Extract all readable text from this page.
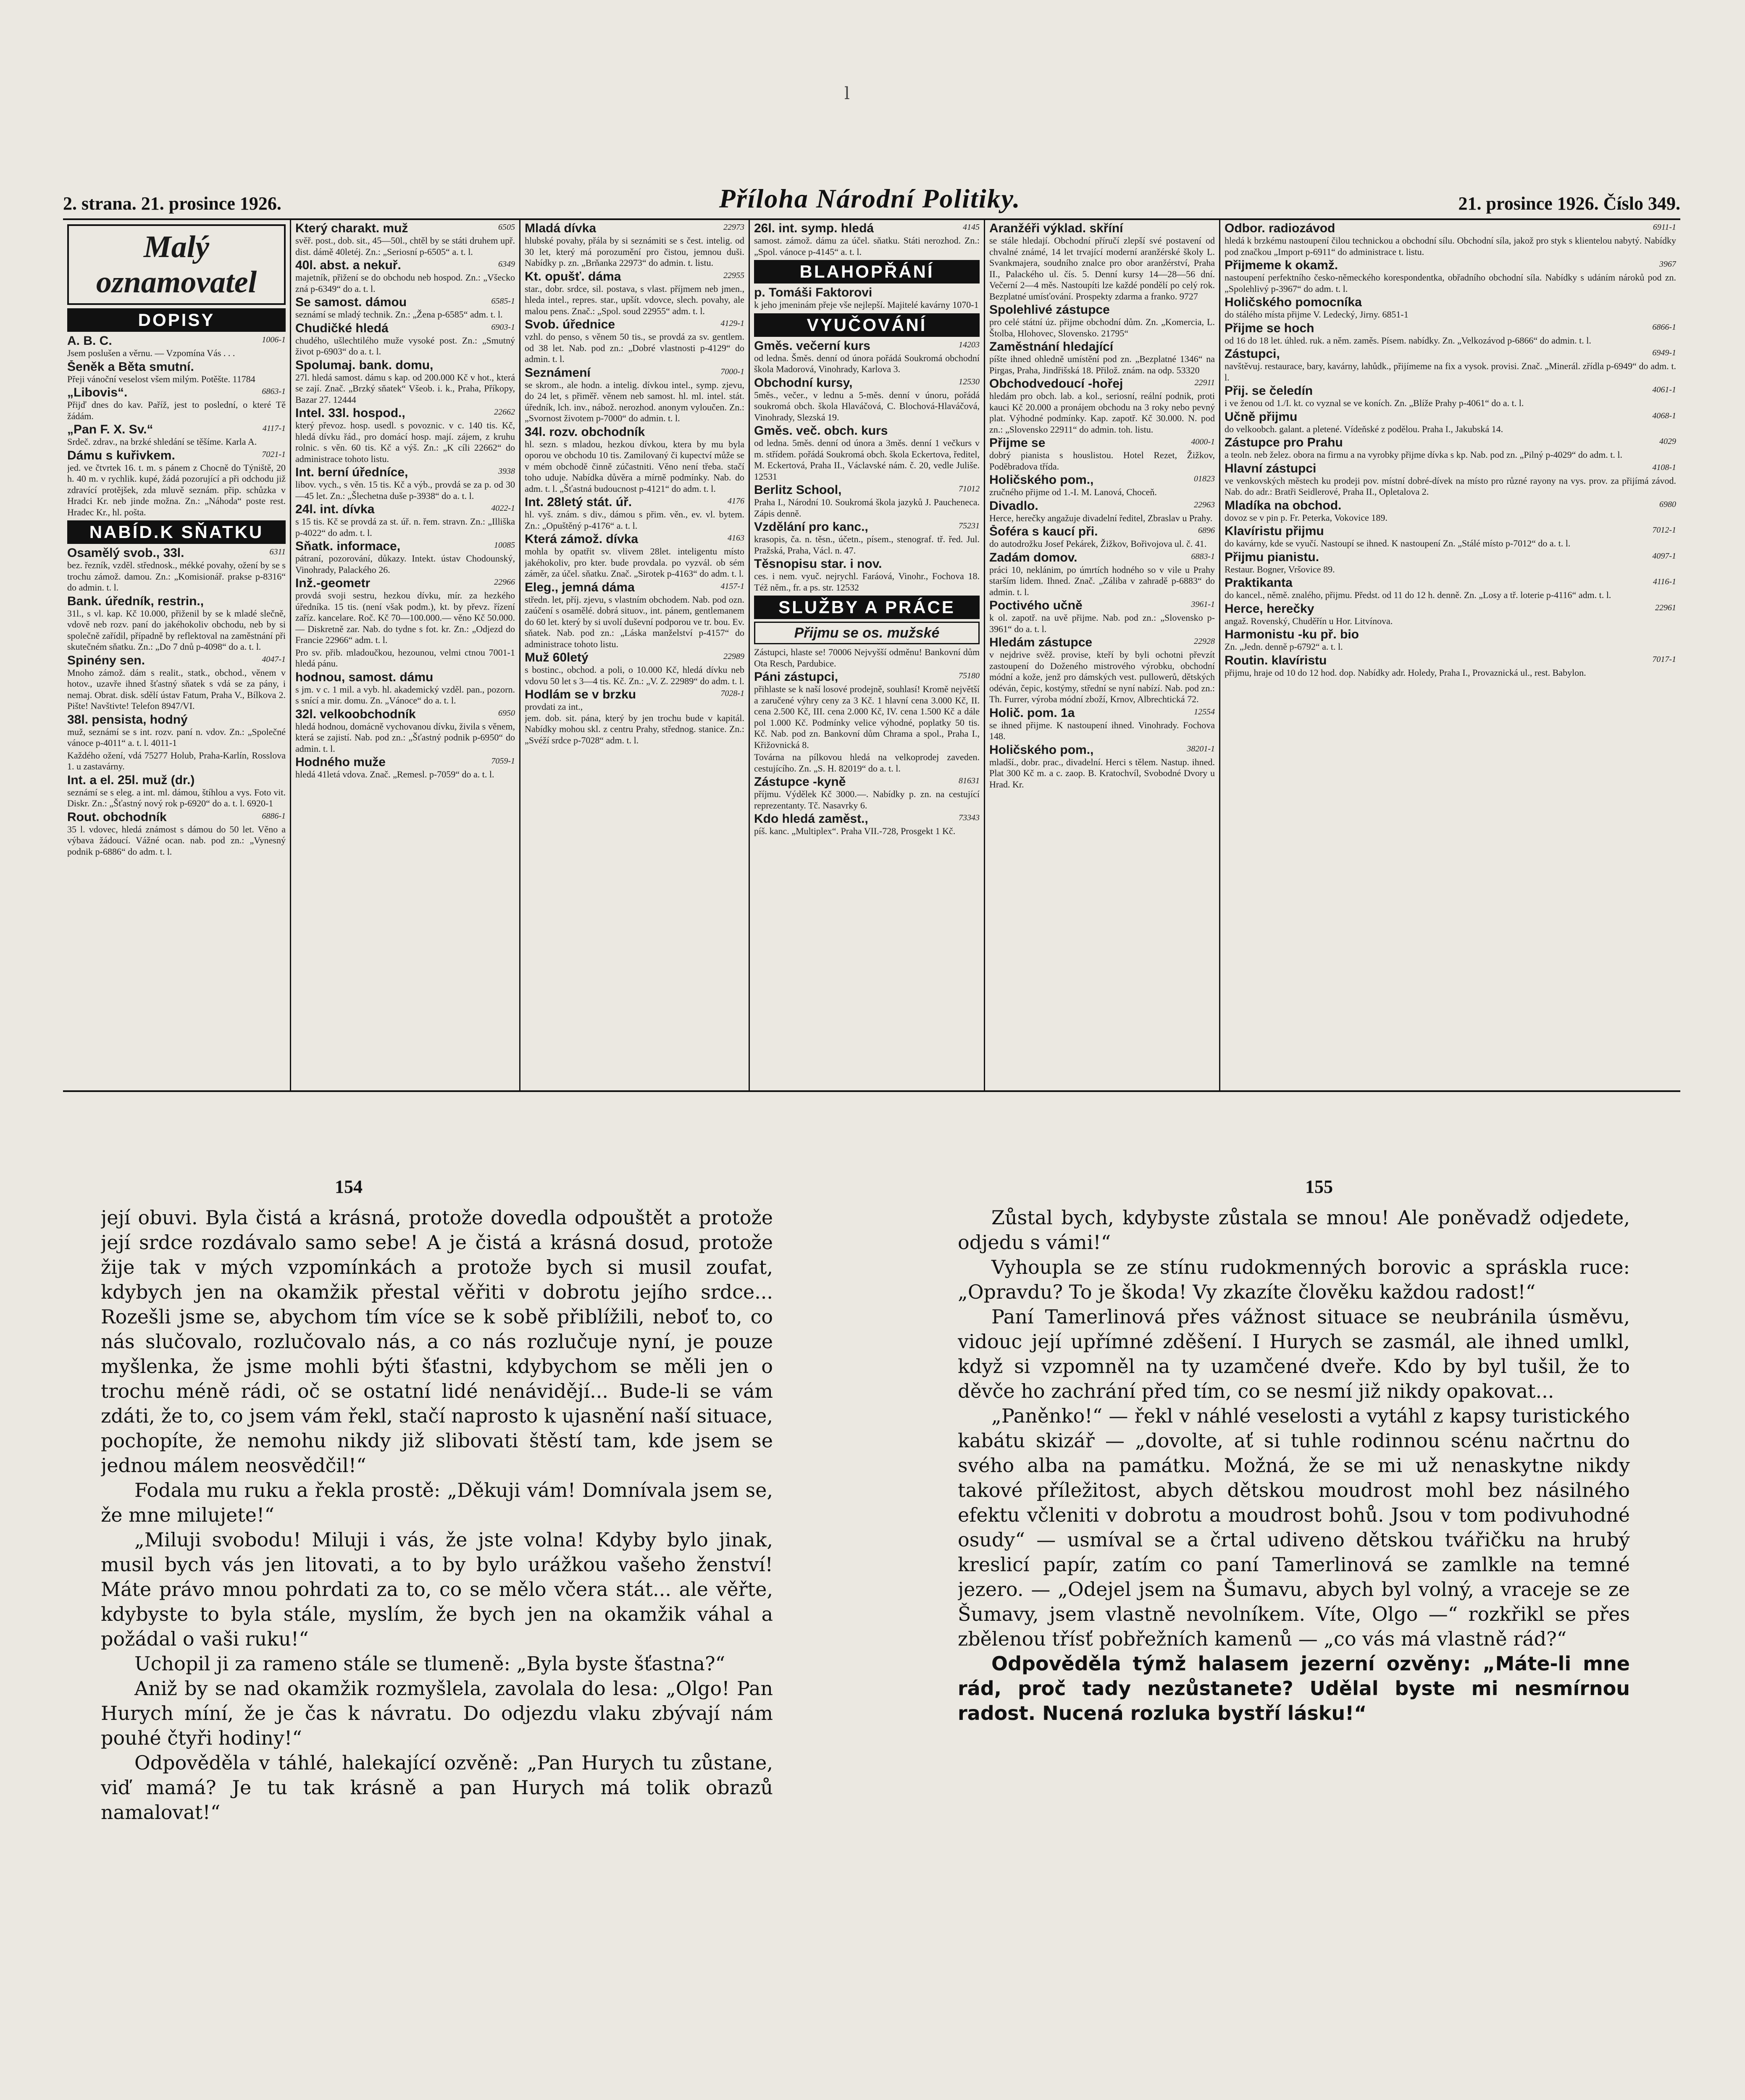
l
2. strana. 21. prosince 1926.	Příloha Národní Politiky.	21. prosince 1926. Číslo 349.
Malý oznamovatel
DOPISY
1006-1
A. B. C.
Jsem poslušen a věrnu. — Vzpomína Vás . . .
Šeněk a Běta smutní.
Přeji vánoční veselost všem milým. Potěšte. 11784
6863-1
„Libovis“.
Přijď dnes do kav. Paříž, jest to poslední, o které Tě žádám.
4117-1
„Pan F. X. Sv.“
Srdeč. zdrav., na brzké shledání se těšíme. Karla A.
7021-1
Dámu s kuřivkem.
jed. ve čtvrtek 16. t. m. s pánem z Chocně do Týniště, 20 h. 40 m. v rychlik. kupé, žádá pozorující a při odchodu již zdravící protějšek, zda mluvě seznám. přip. schůzka v Hradci Kr. neb jinde možna. Zn.: „Náhoda“ poste rest. Hradec Kr., hl. pošta.
NABÍD.K SŇATKU
6311
Osamělý svob., 33l.
bez. řezník, vzděl. střednosk., mékké povahy, ožení by se s trochu zámož. damou. Zn.: „Komisionář. prakse p-8316“ do admin. t. l.
Bank. úředník, restrin.,
31l., s vl. kap. Kč 10.000, přiženil by se k mladé slečně, vdově neb rozv. paní do jakéhokoliv obchodu, neb by si společně zařídil, případně by reflektoval na zaměstnání při skutečném sňatku. Zn.: „Do 7 dnů p-4098“ do a. t. l.
4047-1
Spinény sen.
Mnoho zámož. dám s realit., statk., obchod., věnem v hotov., uzavře ihned šťastný sňatek s vdá se za pány, i nemaj. Obrat. disk. sdělí ústav Fatum, Praha V., Bílkova 2. Pište! Navštivte! Telefon 8947/VI.
38l. pensista, hodný
muž, seznámí se s int. rozv. paní n. vdov. Zn.: „Společné vánoce p-4011“ a. t. l. 4011-1
Každého ožení, vdá 75277 Holub, Praha-Karlín, Rosslova 1. u zastavárny.
Int. a el. 25l. muž (dr.)
seznámí se s eleg. a int. ml. dámou, štíhlou a vys. Foto vit. Diskr. Zn.: „Šťastný nový rok p-6920“ do a. t. l. 6920-1
6886-1
Rout. obchodník
35 l. vdovec, hledá známost s dámou do 50 let. Věno a výbava žádoucí. Vážné ocan. nab. pod zn.: „Vynesný podnik p-6886“ do adm. t. l.
6505
Který charakt. muž
svěř. post., dob. sit., 45—50l., chtěl by se státi druhem upř. dist. dámě 40letéj. Zn.: „Seriosní p-6505“ a. t. l.
6349
40l. abst. a nekuř.
majetník, přižení se do obchodu neb hospod. Zn.: „Všecko zná p-6349“ do a. t. l.
6585-1
Se samost. dámou
seznámí se mladý technik. Zn.: „Žena p-6585“ adm. t. l.
6903-1
Chudičké hledá
chudého, ušlechtilého muže vysoké post. Zn.: „Smutný život p-6903“ do a. t. l.
Spolumaj. bank. domu,
27l. hledá samost. dámu s kap. od 200.000 Kč v hot., která se zají. Znač. „Brzký sňatek“ Všeob. i. k., Praha, Příkopy, Bazar 27. 12444
22662
Intel. 33l. hospod.,
který převoz. hosp. usedl. s povoznic. v c. 140 tis. Kč, hledá dívku řád., pro domácí hosp. mají. zájem, z kruhu rolnic. s věn. 60 tis. Kč a výš. Zn.: „K cíli 22662“ do administrace tohoto listu.
3938
Int. berní úředníce,
libov. vych., s věn. 15 tis. Kč a výb., provdá se za p. od 30—45 let. Zn.: „Šlechetna duše p-3938“ do a. t. l.
4022-1
24l. int. dívka
s 15 tis. Kč se provdá za st. úř. n. řem. stravn. Zn.: „Illiška p-4022“ do adm. t. l.
10085
Sňatk. informace,
pátraní, pozorování, důkazy. Intekt. ústav Chodounský, Vinohrady, Palackého 26.
22966
Inž.-geometr
provdá svoji sestru, hezkou dívku, mír. za hezkého úředníka. 15 tis. (není však podm.), kt. by převz. řízení zaříz. kancelare. Roč. Kč 70—100.000.— věno Kč 50.000.— Diskretně zar. Nab. do tydne s fot. kr. Zn.: „Odjezd do Francie 22966“ adm. t. l.
Pro sv. přib. mladoučkou, hezounou, velmi ctnou 7001-1 hledá pánu.
hodnou, samost. dámu
s jm. v c. 1 mil. a vyb. hl. akademický vzděl. pan., pozorn. s snící a mir. domu. Zn. „Vánoce“ do a. t. l.
6950
32l. velkoobchodník
hledá hodnou, domácně vychovanou dívku, živila s věnem, která se zajistí. Nab. pod zn.: „Šťastný podnik p-6950“ do admin. t. l.
7059-1
Hodného muže
hledá 41letá vdova. Znač. „Remesl. p-7059“ do a. t. l.
22973
Mladá dívka
hlubské povahy, přála by si seznámiti se s čest. intelig. od 30 let, který má porozumění pro čistou, jemnou duši. Nabídky p. zn. „Brňanka 22973“ do admin. t. listu.
22955
Kt. opušť. dáma
star., dobr. srdce, sil. postava, s vlast. příjmem neb jmen., hleda intel., repres. star., upšít. vdovce, slech. povahy, ale malou pens. Znač.: „Spol. soud 22955“ adm. t. l.
4129-1
Svob. úřednice
vzhl. do penso, s věnem 50 tis., se provdá za sv. gentlem. od 38 let. Nab. pod zn.: „Dobré vlastnosti p-4129“ do admin. t. l.
7000-1
Seznámení
se skrom., ale hodn. a intelig. dívkou intel., symp. zjevu, do 24 let, s přiměř. věnem neb samost. hl. ml. intel. stát. úředník, lch. inv., nábož. nerozhod. anonym vyloučen. Zn.: „Svornost životem p-7000“ do admin. t. l.
34l. rozv. obchodník
hl. sezn. s mladou, hezkou dívkou, ktera by mu byla oporou ve obchodu 10 tis. Zamilovaný či kupectví může se v mém obchodě činně zúčastniti. Věno není třeba. stačí toho uduje. Nabídka důvěra a mírně podmínky. Nab. do adm. t. l. „Šťastná budoucnost p-4121“ do adm. t. l.
4176
Int. 28letý stát. úř.
hl. vyš. znám. s div., dámou s přim. věn., ev. vl. bytem. Zn.: „Opuštěný p-4176“ a. t. l.
4163
Která zámož. dívka
mohla by opatřit sv. vlivem 28let. inteligentu místo jakéhokoliv, pro kter. bude provdala. po vyzvál. ob sém záměr, za účel. sňatku. Znač. „Sirotek p-4163“ do adm. t. l.
4157-1
Eleg., jemná dáma
středn. let, příj. zjevu, s vlastním obchodem. Nab. pod ozn. zaúčení s osamělé. dobrá situov., int. pánem, gentlemanem do 60 let. který by si uvolí duševní podporou ve tr. bou. Ev. sňatek. Nab. pod zn.: „Láska manželství p-4157“ do administrace tohoto listu.
22989
Muž 60letý
s bostinc., obchod. a poli, o 10.000 Kč, hledá dívku neb vdovu 50 let s 3—4 tis. Kč. Zn.: „V. Z. 22989“ do adm. t. l.
7028-1
Hodlám se v brzku
provdati za int.,
jem. dob. sit. pána, který by jen trochu bude v kapitál. Nabídky mohou skl. z centru Prahy, střednog. stanice. Zn.: „Svéží srdce p-7028“ adm. t. l.
4145
26l. int. symp. hledá
samost. zámož. dámu za účel. sňatku. Státi nerozhod. Zn.: „Spol. vánoce p-4145“ a. t. l.
BLAHOPŘÁNÍ
p. Tomáši Faktorovi
k jeho jmeninám přeje vše nejlepší. Majitelé kavárny 1070-1
VYUČOVÁNÍ
14203
Gměs. večerní kurs
od ledna. Šměs. denní od února pořádá Soukromá obchodní škola Madorová, Vinohrady, Karlova 3.
12530
Obchodní kursy,
5měs., večer., v lednu a 5-měs. denní v únoru, pořádá soukromá obch. škola Hlaváčová, C. Blochová-Hlaváčová, Vinohrady, Slezská 19.
Gměs. več. obch. kurs
od ledna. 5měs. denní od února a 3měs. denní 1 večkurs v m. střídem. pořádá Soukromá obch. škola Eckertova, ředitel, M. Eckertová, Praha II., Václavské nám. č. 20, vedle Juliše. 12531
71012
Berlitz School,
Praha I., Národní 10. Soukromá škola jazyků J. Paucheneca. Zápis denně.
75231
Vzdělání pro kanc.,
krasopis, ča. n. těsn., účetn., písem., stenograf. tř. řed. Jul. Pražská, Praha, Václ. n. 47.
Těsnopisu star. i nov.
ces. i nem. vyuč. nejrychl. Faráová, Vinohr., Fochova 18. Též něm., fr. a ps. str. 12532
SLUŽBY A PRÁCE
Přijmu se os. mužské
Zástupci, hlaste se! 70006 Nejvyšší odměnu! Bankovní dům Ota Resch, Pardubice.
75180
Páni zástupci,
přihlaste se k naší losové prodejně, souhlasí! Kromě největší a zaručené výhry ceny za 3 Kč. 1 hlavní cena 3.000 Kč, II. cena 2.500 Kč, III. cena 2.000 Kč, IV. cena 1.500 Kč a dále pol 1.000 Kč. Podmínky velice výhodné, poplatky 50 tis. Kč. Nab. pod zn. Bankovní dům Chrama a spol., Praha I., Křižovnická 8.
Továrna na pílkovou hledá na velkoprodej zaveden. cestujícího. Zn. „S. H. 82019“ do a. t. l.
81631
Zástupce -kyně
příjmu. Výdělek Kč 3000.—. Nabídky p. zn. na cestující reprezentanty. Tč. Nasavrky 6.
73343
Kdo hledá zaměst.,
píš. kanc. „Multiplex“. Praha VII.-728, Prosgekt 1 Kč.
Aranžéři výklad. skříní
se stále hledají. Obchodní příručí zlepší své postavení od chvalné známé, 14 let trvající moderní aranžérské školy L. Svankmajera, soudního znalce pro obor aranžérství, Praha II., Palackého ul. čís. 5. Denní kursy 14—28—56 dní. Večerní 2—4 měs. Nastoupíti lze každé pondělí po celý rok. Bezplatné umísťování. Prospekty zdarma a franko. 9727
Spolehlivé zástupce
pro celé státní úz. přijme obchodní dům. Zn. „Komercia, L. Štolba, Hlohovec, Slovensko. 21795“
Zaměstnání hledající
píšte ihned ohledně umístění pod zn. „Bezplatné 1346“ na Pirgas, Praha, Jindřišská 18. Přilož. znám. na odp. 53320
22911
Obchodvedoucí -hořej
hledám pro obch. lab. a kol., seriosní, reální podnik, proti kauci Kč 20.000 a pronájem obchodu na 3 roky nebo pevný plat. Výhodné podmínky. Kap. zapotř. Kč 30.000. N. pod zn.: „Slovensko 22911“ do admin. toh. listu.
4000-1
Přijme se
dobrý pianista s houslistou. Hotel Rezet, Žižkov, Poděbradova třída.
01823
Holičského pom.,
zručného přijme od 1.-I. M. Lanová, Choceň.
22963
Divadlo.
Herce, herečky angažuje divadelní ředitel, Zbraslav u Prahy.
6896
Šoféra s kaucí při.
do autodrožku Josef Pekárek, Žižkov, Bořivojova ul. č. 41.
6883-1
Zadám domov.
práci 10, neklánim, po úmrtích hodného so v vile u Prahy starším lidem. Ihned. Znač. „Záliba v zahradě p-6883“ do admin. t. l.
3961-1
Poctivého učně
k ol. zapotř. na uvě přijme. Nab. pod zn.: „Slovensko p-3961“ do a. t. l.
22928
Hledám zástupce
v nejdrive svěž. provise, kteří by byli ochotni převzít zastoupení do Doženého mistrového výrobku, obchodní módní a kože, jenž pro dámských vest. pullowerů, dětských odéván, čepic, kostýmy, střední se nyní nabízí. Nab. pod zn.: Th. Furrer, výroba módní zboží, Krnov, Albrechtická 72.
12554
Holič. pom. 1a
se ihned přijme. K nastoupení ihned. Vinohrady. Fochova 148.
38201-1
Holičského pom.,
mladší., dobr. prac., divadelní. Herci s tělem. Nastup. ihned. Plat 300 Kč m. a c. zaop. B. Kratochvíl, Svobodné Dvory u Hrad. Kr.
6911-1
Odbor. radiozávod
hledá k brzkému nastoupení čilou technickou a obchodní sílu. Obchodní síla, jakož pro styk s klientelou nabytý. Nabídky pod značkou „Import p-6911“ do administrace t. listu.
3967
Přijmeme k okamž.
nastoupení perfektního česko-německého korespondentka, obřadního obchodní síla. Nabídky s udáním nároků pod zn. „Spolehlivý p-3967“ do adm. t. l.
Holičského pomocníka
do stálého místa přijme V. Ledecký, Jirny. 6851-1
6866-1
Přijme se hoch
od 16 do 18 let. úhled. ruk. a něm. zaměs. Písem. nabídky. Zn. „Velkozávod p-6866“ do admin. t. l.
6949-1
Zástupci,
navštěvuj. restaurace, bary, kavárny, lahůdk., přijímeme na fix a vysok. provisi. Znač. „Minerál. zřídla p-6949“ do adm. t. l.
4061-1
Přij. se čeledín
i ve ženou od 1./I. kt. co vyznal se ve koních. Zn. „Blíže Prahy p-4061“ do a. t. l.
4068-1
Učně přijmu
do velkoobch. galant. a pletené. Vídeňské z podělou. Praha I., Jakubská 14.
4029
Zástupce pro Prahu
a teoln. neb želez. obora na firmu a na vyrobky přijme dívka s kp. Nab. pod zn. „Pilný p-4029“ do adm. t. l.
4108-1
Hlavní zástupci
ve venkovských městech ku prodeji pov. místní dobré-dívek na místo pro různé rayony na vys. prov. za přijímá závod. Nab. do adr.: Bratři Seidlerové, Praha II., Opletalova 2.
6980
Mladíka na obchod.
dovoz se v pin p. Fr. Peterka, Vokovice 189.
7012-1
Klavíristu přijmu
do kavárny, kde se vyučí. Nastoupí se ihned. K nastoupení Zn. „Stálé místo p-7012“ do a. t. l.
4097-1
Přijmu pianistu.
Restaur. Bogner, Vršovice 89.
4116-1
Praktikanta
do kancel., němě. znalého, přijmu. Předst. od 11 do 12 h. denně. Zn. „Losy a tř. loterie p-4116“ adm. t. l.
22961
Herce, herečky
angaž. Rovenský, Chuděřín u Hor. Litvínova.
Harmonistu -ku př. bio
Zn. „Jedn. denně p-6792“ a. t. l.
7017-1
Routin. klavíristu
přijmu, hraje od 10 do 12 hod. dop. Nabídky adr. Holedy, Praha I., Provaznická ul., rest. Babylon.
154	155

její obuvi. Byla čistá a krásná, protože dovedla odpouštět a protože její srdce rozdávalo samo sebe! A je čistá a krásná dosud, protože žije tak v mých vzpomínkách a protože bych si musil zoufat, kdybych jen na okamžik přestal věřiti v dobrotu jejího srdce... Rozešli jsme se, abychom tím více se k sobě přiblížili, neboť to, co nás slučovalo, rozlučovalo nás, a co nás rozlučuje nyní, je pouze myšlenka, že jsme mohli býti šťastni, kdybychom se měli jen o trochu méně rádi, oč se ostatní lidé nenávidějí... Bude-li se vám zdáti, že to, co jsem vám řekl, stačí naprosto k ujasnění naší situace, pochopíte, že nemohu nikdy již slibovati štěstí tam, kde jsem se jednou málem neosvědčil!“

Fodala mu ruku a řekla prostě: „Děkuji vám! Domnívala jsem se, že mne milujete!“

„Miluji svobodu! Miluji i vás, že jste volna! Kdyby bylo jinak, musil bych vás jen litovati, a to by bylo urážkou vašeho ženství! Máte právo mnou pohrdati za to, co se mělo včera stát... ale věřte, kdybyste to byla stále, myslím, že bych jen na okamžik váhal a požádal o vaši ruku!“

Uchopil ji za rameno stále se tlumeně: „Byla byste šťastna?“

Aniž by se nad okamžik rozmyšlela, zavolala do lesa: „Olgo! Pan Hurych míní, že je čas k návratu. Do odjezdu vlaku zbývají nám pouhé čtyři hodiny!“

Odpověděla v táhlé, halekající ozvěně: „Pan Hurych tu zůstane, viď mamá? Je tu tak krásně a pan Hurych má tolik obrazů namalovat!“

Zůstal bych, kdybyste zůstala se mnou! Ale poněvadž odjedete, odjedu s vámi!“

Vyhoupla se ze stínu rudokmenných borovic a spráskla ruce: „Opravdu? To je škoda! Vy zkazíte člověku každou radost!“

Paní Tamerlinová přes vážnost situace se neubránila úsměvu, vidouc její upřímné zděšení. I Hurych se zasmál, ale ihned umlkl, když si vzpomněl na ty uzamčené dveře. Kdo by byl tušil, že to děvče ho zachrání před tím, co se nesmí již nikdy opakovat...

„Paněnko!“ — řekl v náhlé veselosti a vytáhl z kapsy turistického kabátu skizář — „dovolte, ať si tuhle rodinnou scénu načrtnu do svého alba na památku. Možná, že se mi už nenaskytne nikdy takové příležitost, abych dětskou moudrost mohl bez násilného efektu včleniti v dobrotu a moudrost bohů. Jsou v tom podivuhodné osudy“ — usmíval se a črtal udiveno dětskou tvářičku na hrubý kreslicí papír, zatím co paní Tamerlinová se zamlkle na temné jezero. — „Odejel jsem na Šumavu, abych byl volný, a vraceje se ze Šumavy, jsem vlastně nevolníkem. Víte, Olgo —“ rozkřikl se přes zbělenou třísť pobřežních kamenů — „co vás má vlastně rád?“

Odpověděla týmž halasem jezerní ozvěny: „Máte-li mne rád, proč tady nezůstanete? Udělal byste mi nesmírnou radost. Nucená rozluka bystří lásku!“
